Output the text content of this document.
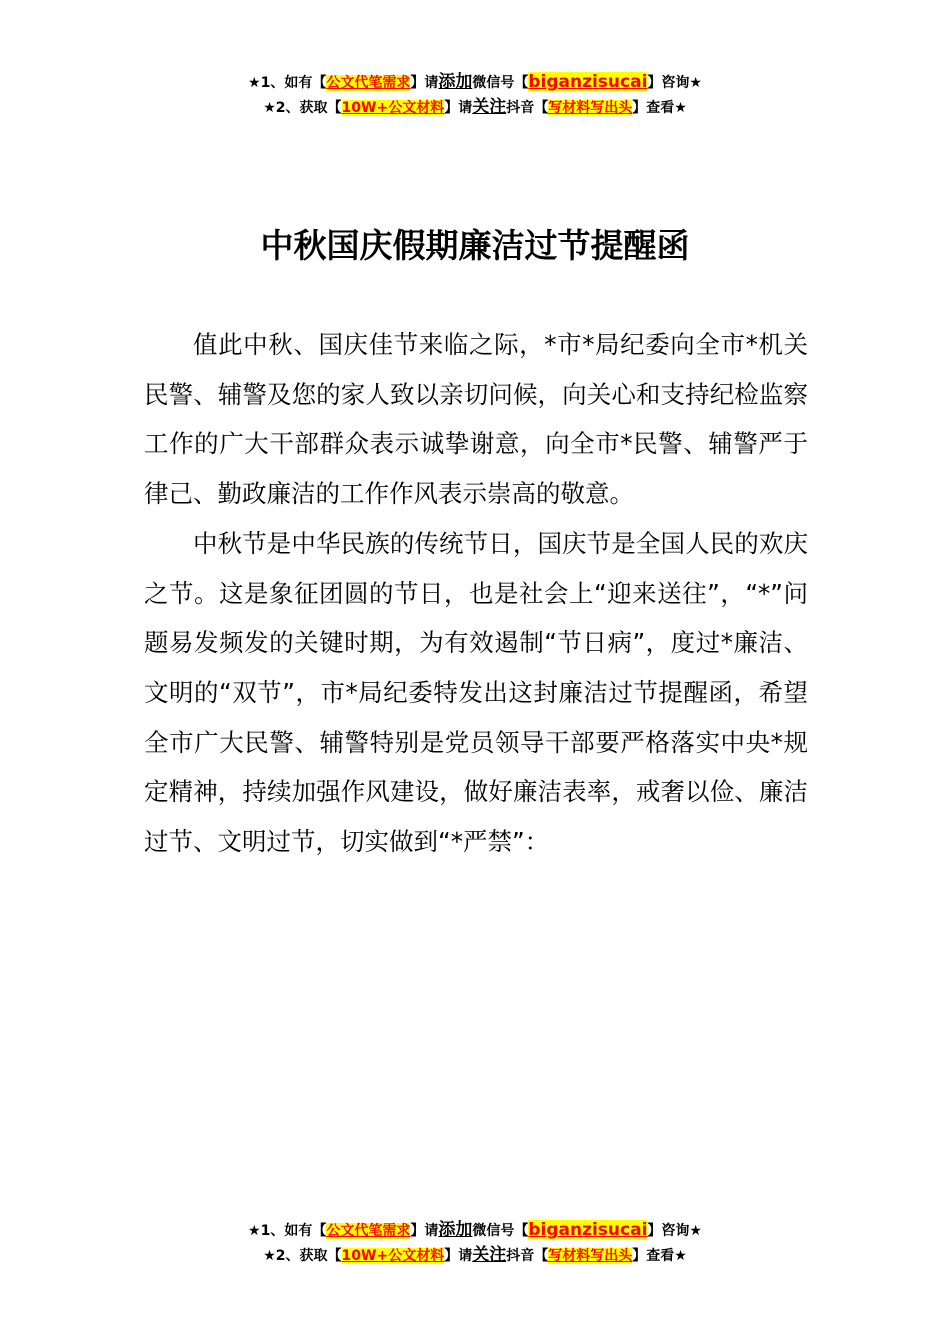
★1、如有【公文代笔需求】请添加微信号【biganzisucai】咨询★
★2、获取【10W+公文材料】请关注抖音【写材料写出头】查看★
中秋国庆假期廉洁过节提醒函

值此中秋、国庆佳节来临之际，*市*局纪委向全市*机关民警、辅警及您的家人致以亲切问候，向关心和支持纪检监察工作的广大干部群众表示诚挚谢意，向全市*民警、辅警严于律己、勤政廉洁的工作作风表示崇高的敬意。

中秋节是中华民族的传统节日，国庆节是全国人民的欢庆之节。这是象征团圆的节日，也是社会上“迎来送往”，“*”问题易发频发的关键时期，为有效遏制“节日病”，度过*廉洁、文明的“双节”，市*局纪委特发出这封廉洁过节提醒函，希望全市广大民警、辅警特别是党员领导干部要严格落实中央*规定精神，持续加强作风建设，做好廉洁表率，戒奢以俭、廉洁过节、文明过节，切实做到“*严禁”：

★1、如有【公文代笔需求】请添加微信号【biganzisucai】咨询★
★2、获取【10W+公文材料】请关注抖音【写材料写出头】查看★
